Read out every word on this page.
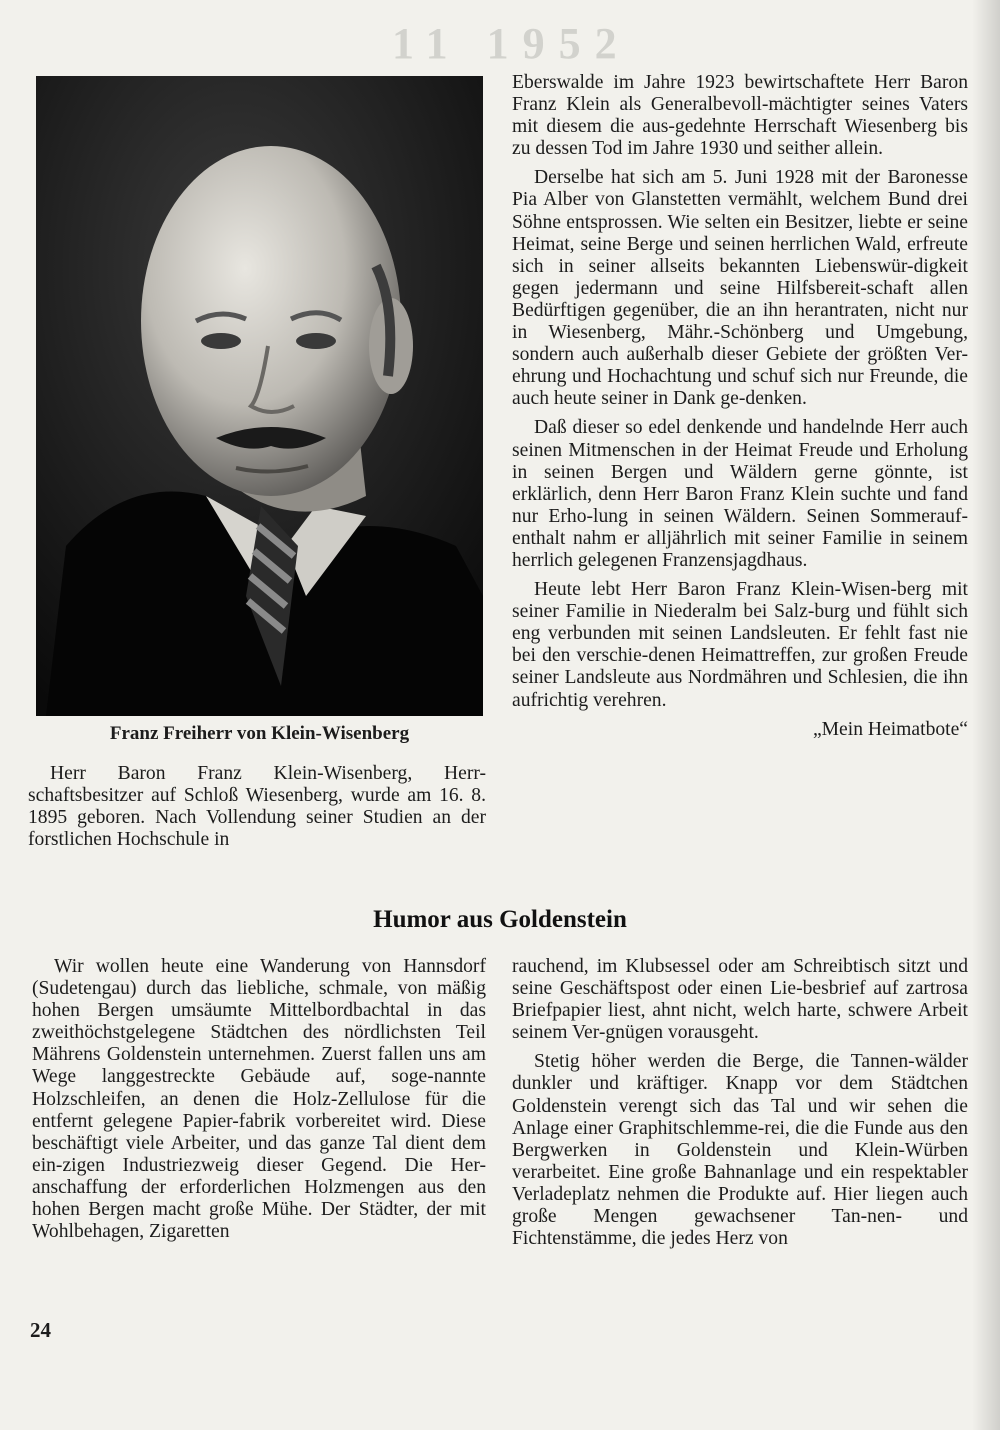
11 1952
Franz Freiherr von Klein-Wisenberg

Herr Baron Franz Klein-Wisenberg, Herr-schaftsbesitzer auf Schloß Wiesenberg, wurde am 16. 8. 1895 geboren. Nach Vollendung seiner Studien an der forstlichen Hochschule in

Eberswalde im Jahre 1923 bewirtschaftete Herr Baron Franz Klein als Generalbevoll-mächtigter seines Vaters mit diesem die aus-gedehnte Herrschaft Wiesenberg bis zu dessen Tod im Jahre 1930 und seither allein.

Derselbe hat sich am 5. Juni 1928 mit der Baronesse Pia Alber von Glanstetten vermählt, welchem Bund drei Söhne entsprossen. Wie selten ein Besitzer, liebte er seine Heimat, seine Berge und seinen herrlichen Wald, erfreute sich in seiner allseits bekannten Liebenswür-digkeit gegen jedermann und seine Hilfsbereit-schaft allen Bedürftigen gegenüber, die an ihn herantraten, nicht nur in Wiesenberg, Mähr.-Schönberg und Umgebung, sondern auch außerhalb dieser Gebiete der größten Ver-ehrung und Hochachtung und schuf sich nur Freunde, die auch heute seiner in Dank ge-denken.

Daß dieser so edel denkende und handelnde Herr auch seinen Mitmenschen in der Heimat Freude und Erholung in seinen Bergen und Wäldern gerne gönnte, ist erklärlich, denn Herr Baron Franz Klein suchte und fand nur Erho-lung in seinen Wäldern. Seinen Sommerauf-enthalt nahm er alljährlich mit seiner Familie in seinem herrlich gelegenen Franzensjagdhaus.

Heute lebt Herr Baron Franz Klein-Wisen-berg mit seiner Familie in Niederalm bei Salz-burg und fühlt sich eng verbunden mit seinen Landsleuten. Er fehlt fast nie bei den verschie-denen Heimattreffen, zur großen Freude seiner Landsleute aus Nordmähren und Schlesien, die ihn aufrichtig verehren.

„Mein Heimatbote“
Humor aus Goldenstein

Wir wollen heute eine Wanderung von Hannsdorf (Sudetengau) durch das liebliche, schmale, von mäßig hohen Bergen umsäumte Mittelbordbachtal in das zweithöchstgelegene Städtchen des nördlichsten Teil Mährens Goldenstein unternehmen. Zuerst fallen uns am Wege langgestreckte Gebäude auf, soge-nannte Holzschleifen, an denen die Holz-Zellulose für die entfernt gelegene Papier-fabrik vorbereitet wird. Diese beschäftigt viele Arbeiter, und das ganze Tal dient dem ein-zigen Industriezweig dieser Gegend. Die Her-anschaffung der erforderlichen Holzmengen aus den hohen Bergen macht große Mühe. Der Städter, der mit Wohlbehagen, Zigaretten

rauchend, im Klubsessel oder am Schreibtisch sitzt und seine Geschäftspost oder einen Lie-besbrief auf zartrosa Briefpapier liest, ahnt nicht, welch harte, schwere Arbeit seinem Ver-gnügen vorausgeht.

Stetig höher werden die Berge, die Tannen-wälder dunkler und kräftiger. Knapp vor dem Städtchen Goldenstein verengt sich das Tal und wir sehen die Anlage einer Graphitschlemme-rei, die die Funde aus den Bergwerken in Goldenstein und Klein-Würben verarbeitet. Eine große Bahnanlage und ein respektabler Verladeplatz nehmen die Produkte auf. Hier liegen auch große Mengen gewachsener Tan-nen- und Fichtenstämme, die jedes Herz von

24
